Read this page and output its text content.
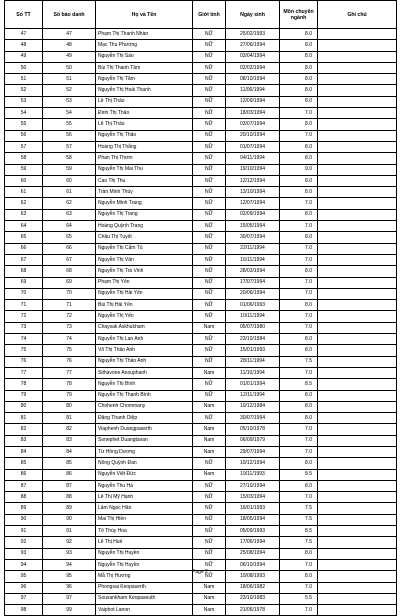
Số TT	Số báo danh	Họ và Tên	Giới tính	Ngày sinh	Môn chuyên ngành	Ghi chú
47	47	Phạm Thị Thanh Nhàn	NỮ	25/02/1993	8.0	
48	48	Mạc Thu Phương	NỮ	27/06/1994	8.0	
49	49	Nguyễn Thị Sáo	NỮ	03/04/1994	8.0	
50	50	Bùi Thị Thanh Tâm	NỮ	02/02/1994	8.0	
51	51	Nguyễn Thị Tâm	NỮ	08/10/1994	8.0	
52	52	Nguyễn Thị Hoài Thanh	NỮ	11/06/1994	8.0	
53	53	Lê Thị Thảo	NỮ	12/09/1994	8.0	
54	54	Đinh Thị Thảo	NỮ	18/03/1994	7.0	
55	55	Lê Thị Thảo	NỮ	03/07/1994	8.0	
56	56	Nguyễn Thị Thảo	NỮ	20/10/1994	7.0	
57	57	Hoàng Thị Thắng	NỮ	01/07/1994	8.0	
58	58	Phan Thị Thơm	NỮ	04/11/1994	8.0	
59	59	Nguyễn Thị Mai Thu	NỮ	19/10/1994	9.0	
60	60	Cao Thị Thu	NỮ	12/12/1994	8.0	
61	61	Trần Minh Thúy	NỮ	13/10/1994	8.0	
62	62	Nguyễn Minh Trang	NỮ	12/07/1994	7.0	
63	63	Nguyễn Thị Trang	NỮ	02/09/1994	8.0	
64	64	Hoàng Quỳnh Trang	NỮ	15/05/1994	7.0	
65	65	Châu Thị Tuyết	NỮ	30/07/1994	8.0	
66	66	Nguyễn Thị Cẩm Tú	NỮ	22/11/1994	7.0	
67	67	Nguyễn Thị Vân	NỮ	16/11/1994	7.0	
68	68	Nguyễn Thị Trà Vinh	NỮ	28/03/1994	8.0	
69	69	Phạm Thị Yến	NỮ	17/07/1994	7.0	
70	70	Nguyễn Thị Hải Yến	NỮ	20/06/1994	7.0	
71	71	Bùi Thị Hải Yến	NỮ	01/06/1993	8.0	
72	72	Nguyễn Thị Yến	NỮ	10/11/1994	7.0	
73	73	Chaysak Askhukham	Nam	05/07/1980	7.0	
74	74	Nguyễn Thị Lan Anh	NỮ	23/10/1984	8.0	
75	75	Võ Thị Thảo Anh	NỮ	15/01/1993	8.0	
76	76	Nguyễn Thị Thảo Anh	NỮ	28/11/1994	7.5	
77	77	Sithavone Anouphanh	Nam	11/10/1994	7.0	
78	78	Nguyễn Thị Bình	NỮ	01/01/1994	8.5	
79	79	Nguyễn Thị Thanh Bình	NỮ	12/11/1994	8.0	
80	80	Chohenh Chommany	Nam	10/12/1984	8.0	
81	81	Đặng Thanh Diệp	NỮ	30/07/1994	8.0	
82	82	Viaphenh Duangpaserth	Nam	05/10/1978	7.0	
83	83	Sonephet Duangtavan	Nam	06/09/1979	7.0	
84	84	Từ Hồng Dương	Nam	29/07/1994	7.0	
85	85	Nông Quỳnh Đan	NỮ	10/12/1994	8.0	
86	86	Nguyễn Việt Đức	Nam	19/11/1993	8.5	
87	87	Nguyễn Thu Hà	NỮ	27/10/1994	8.0	
88	88	Lê Thị Mỹ Hạnh	NỮ	15/03/1994	7.0	
89	89	Lâm Ngọc Hân	NỮ	16/01/1993	7.5	
90	90	Mai Thị Hiền	NỮ	18/05/1994	7.5	
91	91	Tô Thúy Hoa	NỮ	05/09/1993	8.5	
92	92	Lê Thị Huế	NỮ	17/06/1994	7.5	
93	93	Nguyễn Thị Huyền	NỮ	25/08/1994	8.0	
94	94	Nguyễn Thị Huyền	NỮ	06/10/1994	7.0	
95	95	Mẫ Thị Hương	NỮ	10/08/1993	8.0	
96	96	Phongsai Keopaserth	Nam	18/06/1982	7.0	
97	97	Souvankham Keopaseuth	Nam	23/10/1983	5.5	
98	99	Vaiphot Lanon	Nam	21/06/1978	7.0	
Page 2
